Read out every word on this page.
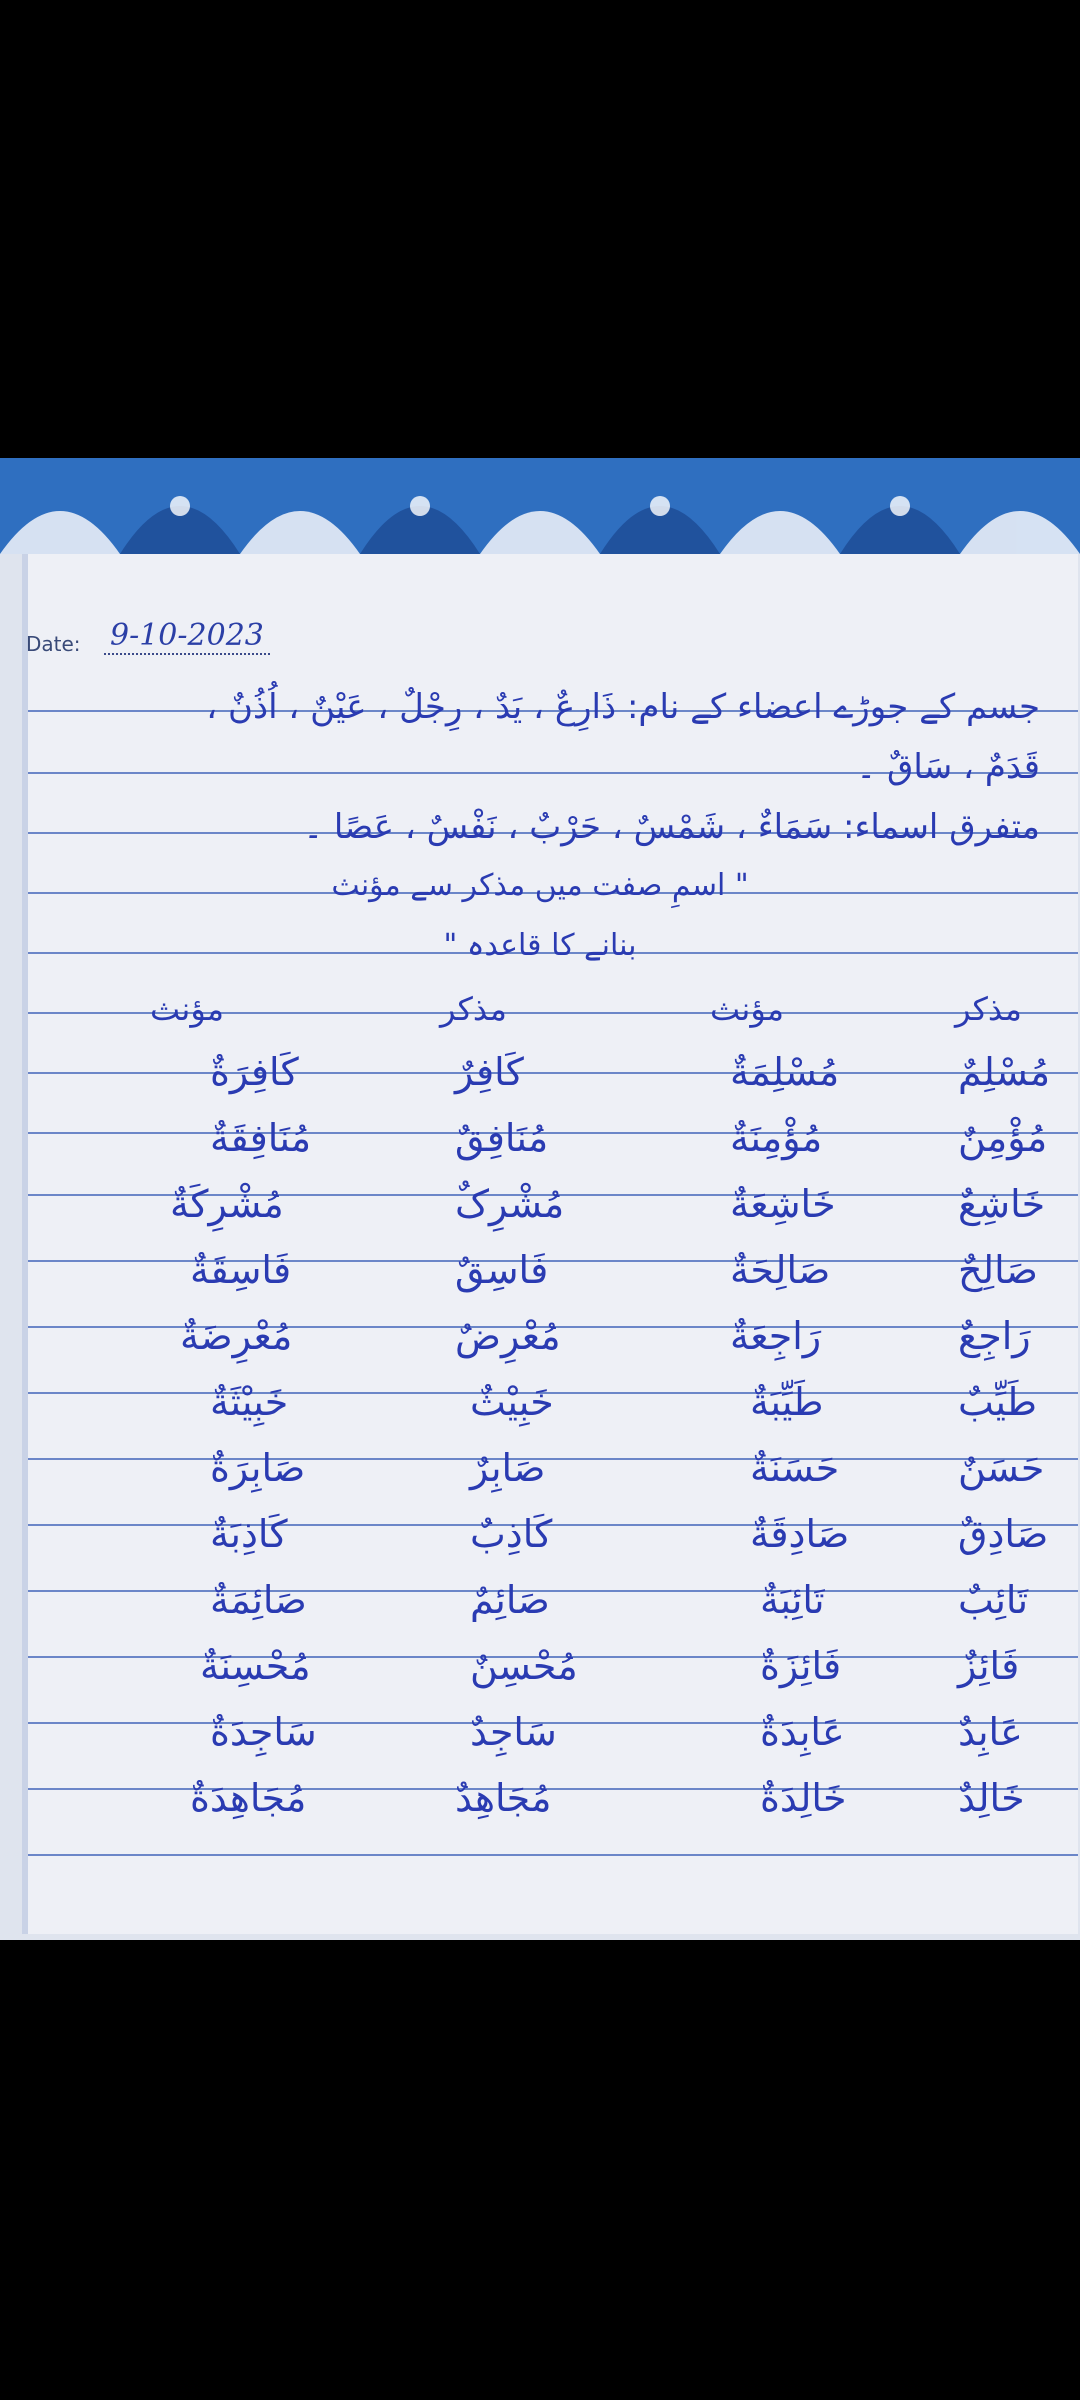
Date: 9-10-2023
جسم کے جوڑے اعضاء کے نام: ذَارِعٌ ، یَدٌ ، رِجْلٌ ، عَیْنٌ ، اُذُنٌ ،
قَدَمٌ ، سَاقٌ ۔
متفرق اسماء: سَمَاءٌ ، شَمْسٌ ، حَرْبٌ ، نَفْسٌ ، عَصًا ۔
" اسمِ صفت میں مذکر سے مؤنث
بنانے کا قاعدہ "
مذکر
مؤنث
مذکر
مؤنث
مُسْلِمٌ
مُسْلِمَةٌ
کَافِرٌ
کَافِرَةٌ
مُؤْمِنٌ
مُؤْمِنَةٌ
مُنَافِقٌ
مُنَافِقَةٌ
خَاشِعٌ
خَاشِعَةٌ
مُشْرِکٌ
مُشْرِکَةٌ
صَالِحٌ
صَالِحَةٌ
فَاسِقٌ
فَاسِقَةٌ
رَاجِعٌ
رَاجِعَةٌ
مُعْرِضٌ
مُعْرِضَةٌ
طَیِّبٌ
طَیِّبَةٌ
خَبِیْثٌ
خَبِیْثَةٌ
حَسَنٌ
حَسَنَةٌ
صَابِرٌ
صَابِرَةٌ
صَادِقٌ
صَادِقَةٌ
کَاذِبٌ
کَاذِبَةٌ
تَائِبٌ
تَائِبَةٌ
صَائِمٌ
صَائِمَةٌ
فَائِزٌ
فَائِزَةٌ
مُحْسِنٌ
مُحْسِنَةٌ
عَابِدٌ
عَابِدَةٌ
سَاجِدٌ
سَاجِدَةٌ
خَالِدٌ
خَالِدَةٌ
مُجَاهِدٌ
مُجَاهِدَةٌ
